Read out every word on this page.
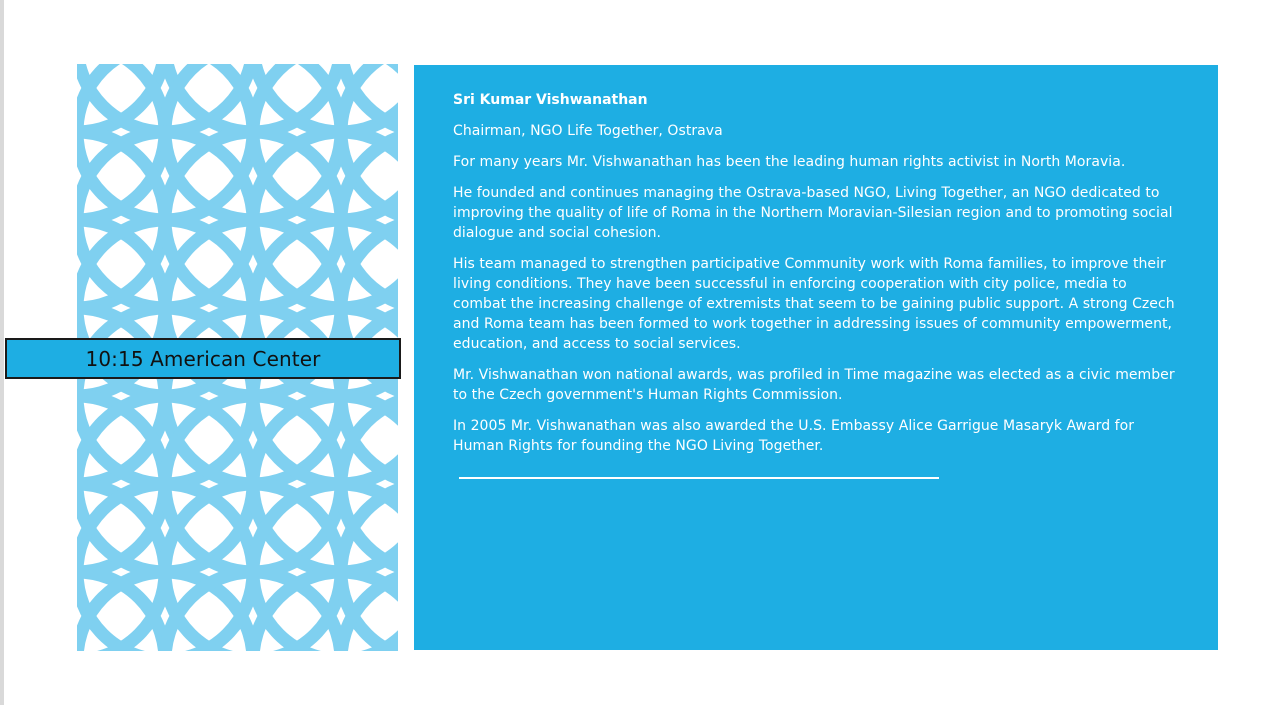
10:15 American Center

Sri Kumar Vishwanathan

Chairman, NGO Life Together, Ostrava

For many years Mr. Vishwanathan has been the leading human rights activist in North Moravia.

He founded and continues managing the Ostrava-based NGO, Living Together, an NGO dedicated to improving the quality of life of Roma in the Northern Moravian-Silesian region and to promoting social dialogue and social cohesion.

His team managed to strengthen participative Community work with Roma families, to improve their living conditions. They have been successful in enforcing cooperation with city police, media to combat the increasing challenge of extremists that seem to be gaining public support. A strong Czech and Roma team has been formed to work together in addressing issues of community empowerment, education, and access to social services.

Mr. Vishwanathan won national awards, was profiled in Time magazine was elected as a civic member to the Czech government's Human Rights Commission.

In 2005 Mr. Vishwanathan was also awarded the U.S. Embassy Alice Garrigue Masaryk Award for Human Rights for founding the NGO Living Together.
